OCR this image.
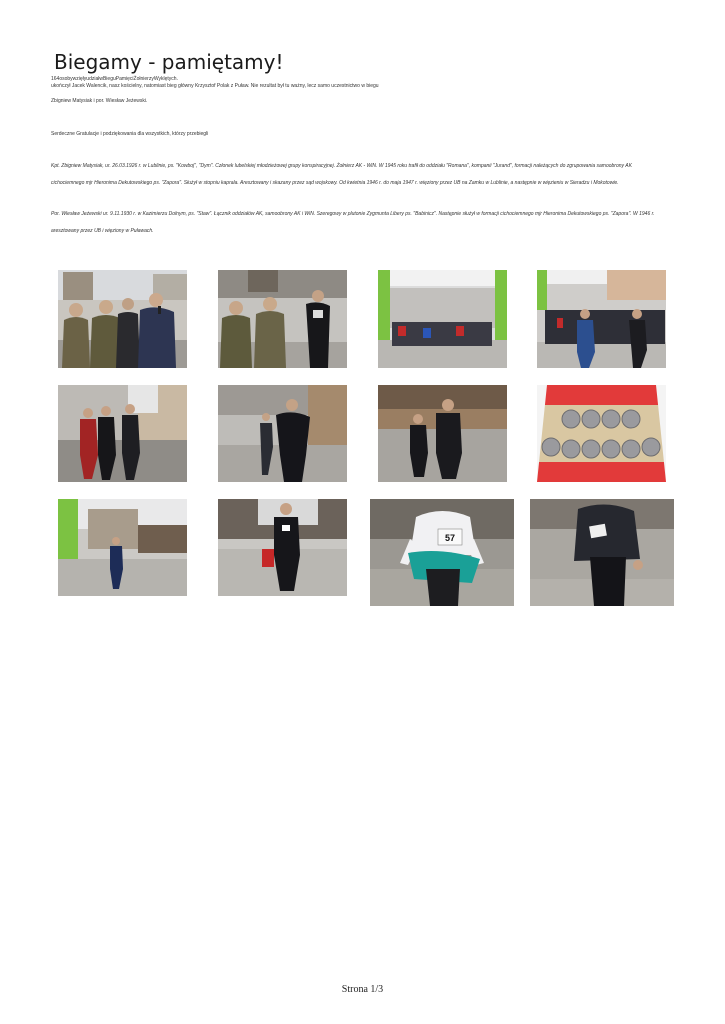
Biegamy - pamiętamy!
164osobywzięłyudziałwBieguPamięciŻołnierzyWyklętych.
ukończył Jacek Walencik, nasz kościelny, natomiast bieg główny Krzysztof Polak z Puław. Nie rezultat był tu ważny, lecz samo uczestnictwo w biegu
Zbigniew Matysiak i por. Wiesław Jeżewski.
Serdeczne Gratulacje i podziękowania dla wszystkich, którzy przebiegli

Kpt. Zbigniew Matysiak, ur. 26.03.1926 r. w Lublinie, ps. "Kowboj", "Dym". Członek lubelskiej młodzieżowej grupy konspiracyjnej. Żołnierz AK - WiN. W 1945 roku trafił do oddziału "Romana", kompanii "Jurand", formacji należących do zgrupowania samoobrony AK cichociemnego mjr Hieronima Dekutowskiego ps. "Zapora". Służył w stopniu kaprala. Aresztowany i skazany przez sąd wojskowy. Od kwietnia 1946 r. do maja 1947 r. więziony przez UB na Zamku w Lublinie, a następnie w więzieniu w Sieradzu i Mokotowie.

Por. Wiesław Jeżewski ur. 9.11.1930 r. w Kazimierzu Dolnym, ps. "Staw". Łącznik oddziałów AK, samoobrony AK i WiN. Szeregowy w plutonie Zygmunta Libery ps. "Babinicz". Następnie służył w formacji cichociemnego mjr Hieronima Dekutowskiego ps. "Zapora". W 1946 r. aresztowany przez UB i więziony w Puławach.

57
Strona 1/3
